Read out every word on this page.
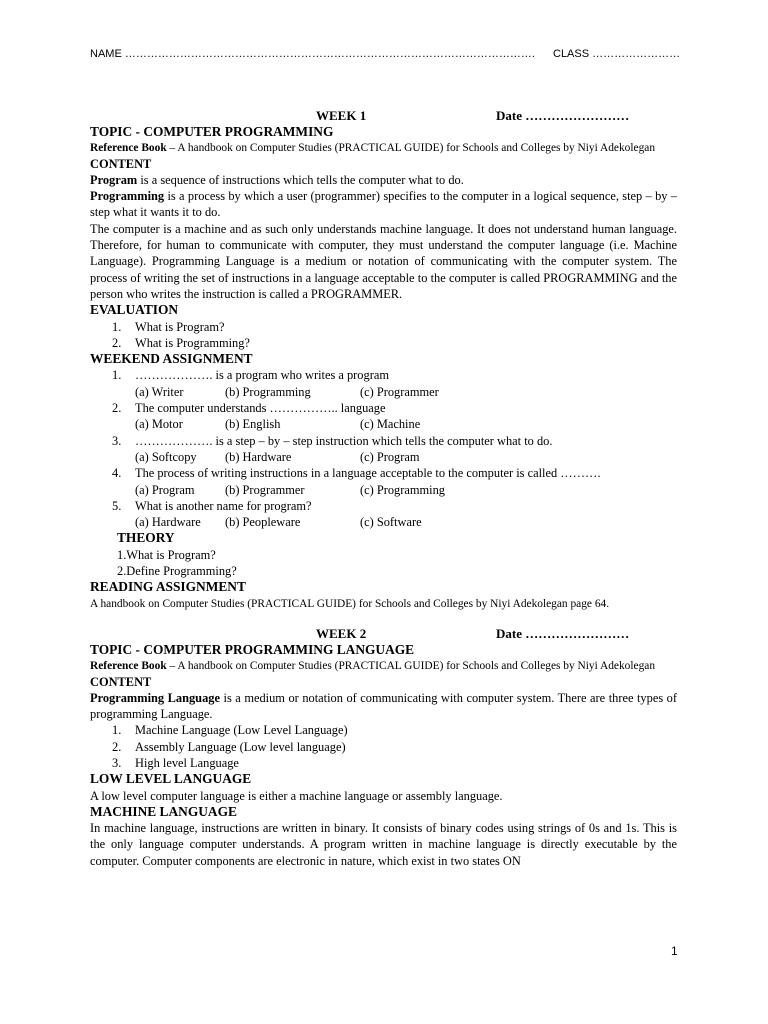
NAME …………………………………………………………………………………………………. CLASS ……………………
WEEK 1	Date ……………………

TOPIC - COMPUTER PROGRAMMING

Reference Book – A handbook on Computer Studies (PRACTICAL GUIDE) for Schools and Colleges by Niyi Adekolegan

CONTENT

Program is a sequence of instructions which tells the computer what to do.

Programming is a process by which a user (programmer) specifies to the computer in a logical sequence, step – by – step what it wants it to do.

The computer is a machine and as such only understands machine language. It does not understand human language. Therefore, for human to communicate with computer, they must understand the computer language (i.e. Machine Language). Programming Language is a medium or notation of communicating with the computer system. The process of writing the set of instructions in a language acceptable to the computer is called PROGRAMMING and the person who writes the instruction is called a PROGRAMMER.

EVALUATION

1. What is Program?
2. What is Programming?

WEEKEND ASSIGNMENT

1. ………………. is a program who writes a program
(a) Writer	(b) Programming	(c) Programmer
2. The computer understands …………….. language
(a) Motor	(b) English	(c) Machine
3. ………………. is a step – by – step instruction which tells the computer what to do.
(a) Softcopy (b) Hardware	(c) Program
4. The process of writing instructions in a language acceptable to the computer is called ……….
(a) Program (b) Programmer	(c) Programming
5. What is another name for program?
(a) Hardware (b) Peopleware	(c) Software

THEORY

1.What is Program?

2.Define Programming?

READING ASSIGNMENT

A handbook on Computer Studies (PRACTICAL GUIDE) for Schools and Colleges by Niyi Adekolegan page 64.

WEEK 2	Date ……………………

TOPIC - COMPUTER PROGRAMMING LANGUAGE

Reference Book – A handbook on Computer Studies (PRACTICAL GUIDE) for Schools and Colleges by Niyi Adekolegan

CONTENT

Programming Language is a medium or notation of communicating with computer system. There are three types of programming Language.

1. Machine Language (Low Level Language)
2. Assembly Language (Low level language)
3. High level Language

LOW LEVEL LANGUAGE

A low level computer language is either a machine language or assembly language.

MACHINE LANGUAGE

In machine language, instructions are written in binary. It consists of binary codes using strings of 0s and 1s. This is the only language computer understands. A program written in machine language is directly executable by the computer. Computer components are electronic in nature, which exist in two states ON

1
